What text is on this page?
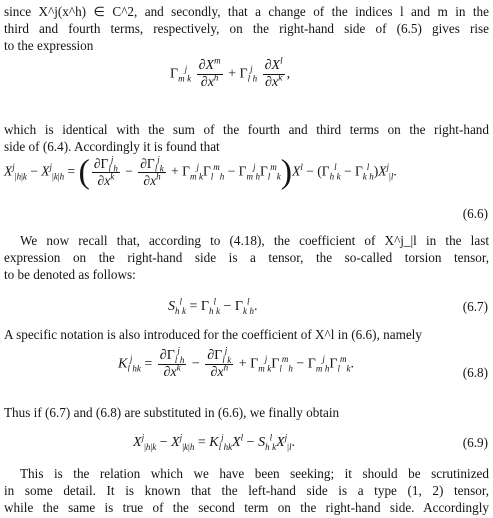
since X^j(x^h) ∈ C^2, and secondly, that a change of the indices l and m in the
third and fourth terms, respectively, on the right-hand side of (6.5) gives rise
to the expression
$\Gamma_m^j_k \frac{\partial X^m}{\partial x^h} + \Gamma_l^j_h \frac{\partial X^l}{\partial x^k}$ ,
which is identical with the sum of the fourth and third terms on the right-hand
side of (6.4). Accordingly it is found that
$X^j_{|h|k} - X^j_{|k|h}$ = ( $\frac{\partial\Gamma_l^j_h}{\partial x^k} - \frac{\partial\Gamma_l^j_k}{\partial x^h} + \Gamma_m^j_k\Gamma_l^m_h - \Gamma_m^j_h\Gamma_l^m_k)X^l - (\Gamma_h^l_k - \Gamma_k^l_h)X^j_{|l}$.
(6.6)
We now recall that, according to (4.18), the coefficient of X^j_|l in the last
expression on the right-hand side is a tensor, the so-called torsion tensor,
to be denoted as follows:
$S_h^l_k = \Gamma_h^l_k - \Gamma_k^l_h$.	(6.7)
A specific notation is also introduced for the coefficient of X^l in (6.6), namely
$K_l^j_{hk} = \frac{\partial\Gamma_l^j_h}{\partial x^k} - \frac{\partial\Gamma_l^j_k}{\partial x^h} + \Gamma_m^j_k\Gamma_l^m_h - \Gamma_m^j_h\Gamma_l^m_k$.
(6.8)
Thus if (6.7) and (6.8) are substituted in (6.6), we finally obtain
$X^j_{|h|k} - X^j_{|k|h} = K_l^j_{hk}X^l - S_h^l_kX^j_{|l}$.	(6.9)
This is the relation which we have been seeking; it should be scrutinized
in some detail. It is known that the left-hand side is a type (1, 2) tensor,
while the same is true of the second term on the right-hand side. Accordingly
